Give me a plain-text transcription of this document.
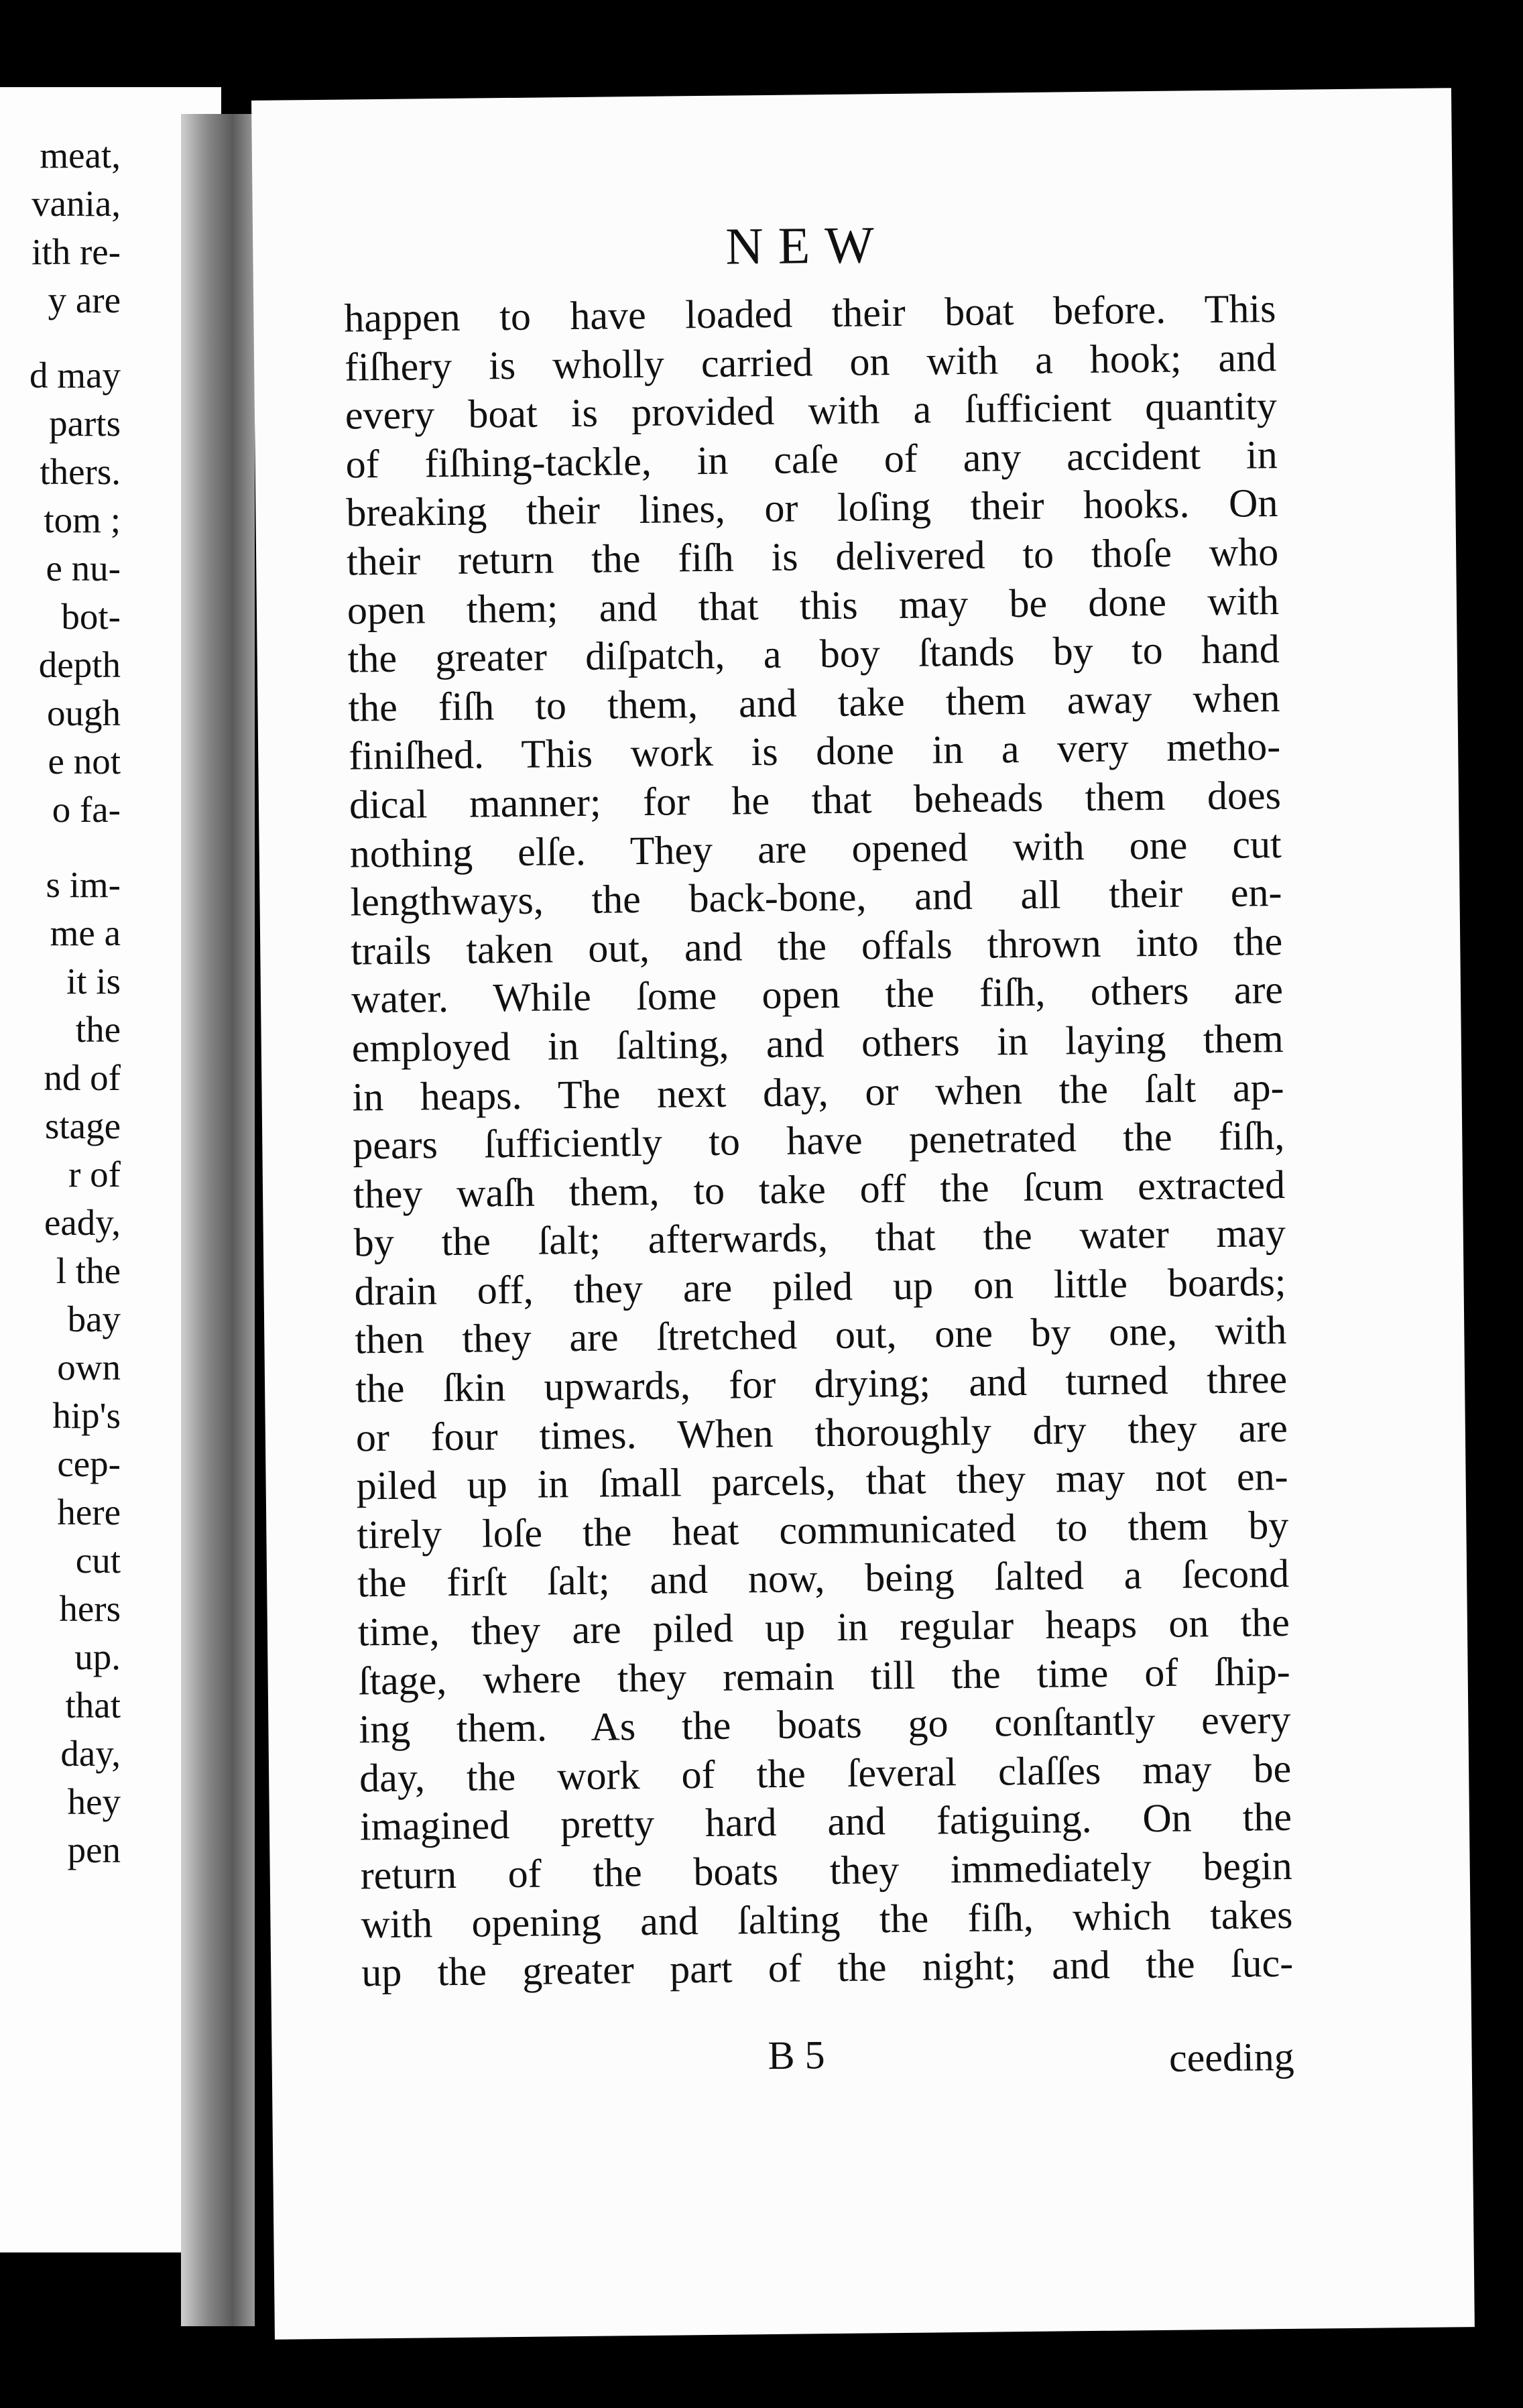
meat,
vania,
ith re-
y are
d may
parts
thers.
tom ;
e nu-
bot-
depth
ough
e not
o fa-
s im-
me a
it is
the
nd of
stage
r of
eady,
l the
bay
own
hip's
cep-
here
cut
hers
up.
that
day,
hey
pen
NEW
happen to have loaded their boat before. This
fiſhery is wholly carried on with a hook; and
every boat is provided with a ſufficient quantity
of fiſhing-tackle, in caſe of any accident in
breaking their lines, or loſing their hooks. On
their return the fiſh is delivered to thoſe who
open them; and that this may be done with
the greater diſpatch, a boy ſtands by to hand
the fiſh to them, and take them away when
finiſhed. This work is done in a very metho-
dical manner; for he that beheads them does
nothing elſe. They are opened with one cut
lengthways, the back-bone, and all their en-
trails taken out, and the offals thrown into the
water. While ſome open the fiſh, others are
employed in ſalting, and others in laying them
in heaps. The next day, or when the ſalt ap-
pears ſufficiently to have penetrated the fiſh,
they waſh them, to take off the ſcum extracted
by the ſalt; afterwards, that the water may
drain off, they are piled up on little boards;
then they are ſtretched out, one by one, with
the ſkin upwards, for drying; and turned three
or four times. When thoroughly dry they are
piled up in ſmall parcels, that they may not en-
tirely loſe the heat communicated to them by
the firſt ſalt; and now, being ſalted a ſecond
time, they are piled up in regular heaps on the
ſtage, where they remain till the time of ſhip-
ing them. As the boats go conſtantly every
day, the work of the ſeveral claſſes may be
imagined pretty hard and fatiguing. On the
return of the boats they immediately begin
with opening and ſalting the fiſh, which takes
up the greater part of the night; and the ſuc-
B 5	ceeding
